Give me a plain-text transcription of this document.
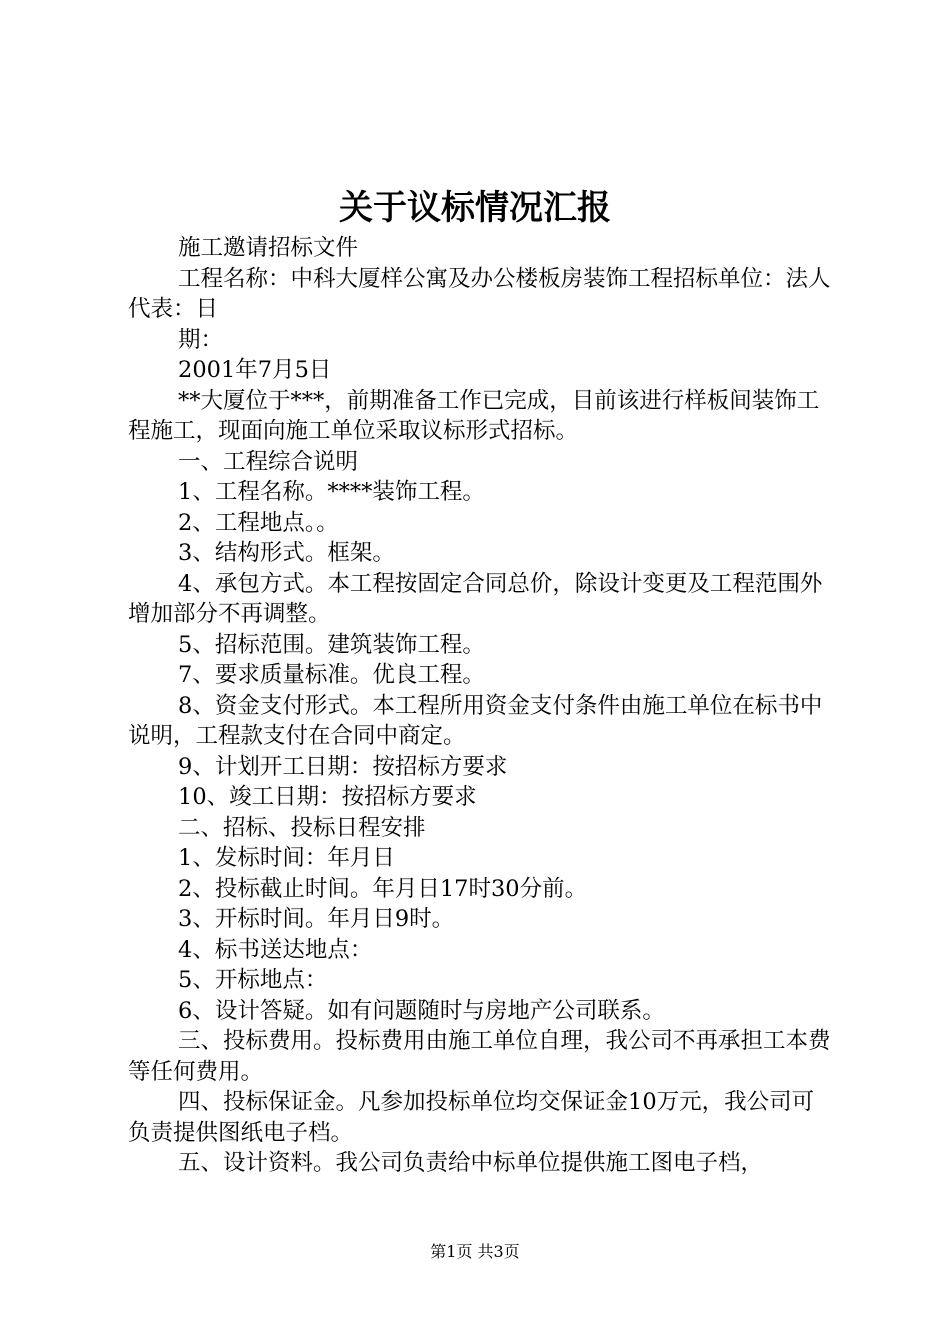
关于议标情况汇报

施工邀请招标文件

工程名称：中科大厦样公寓及办公楼板房装饰工程招标单位：法人代表：日

期：

2001年7月5日

**大厦位于***，前期准备工作已完成，目前该进行样板间装饰工程施工，现面向施工单位采取议标形式招标。

一、工程综合说明

1、工程名称。****装饰工程。

2、工程地点。。

3、结构形式。框架。

4、承包方式。本工程按固定合同总价，除设计变更及工程范围外增加部分不再调整。

5、招标范围。建筑装饰工程。

7、要求质量标准。优良工程。

8、资金支付形式。本工程所用资金支付条件由施工单位在标书中说明，工程款支付在合同中商定。

9、计划开工日期：按招标方要求

10、竣工日期：按招标方要求

二、招标、投标日程安排

1、发标时间：年月日

2、投标截止时间。年月日17时30分前。

3、开标时间。年月日9时。

4、标书送达地点：

5、开标地点：

6、设计答疑。如有问题随时与房地产公司联系。

三、投标费用。投标费用由施工单位自理，我公司不再承担工本费等任何费用。

四、投标保证金。凡参加投标单位均交保证金10万元，我公司可负责提供图纸电子档。

五、设计资料。我公司负责给中标单位提供施工图电子档，

第1页 共3页
